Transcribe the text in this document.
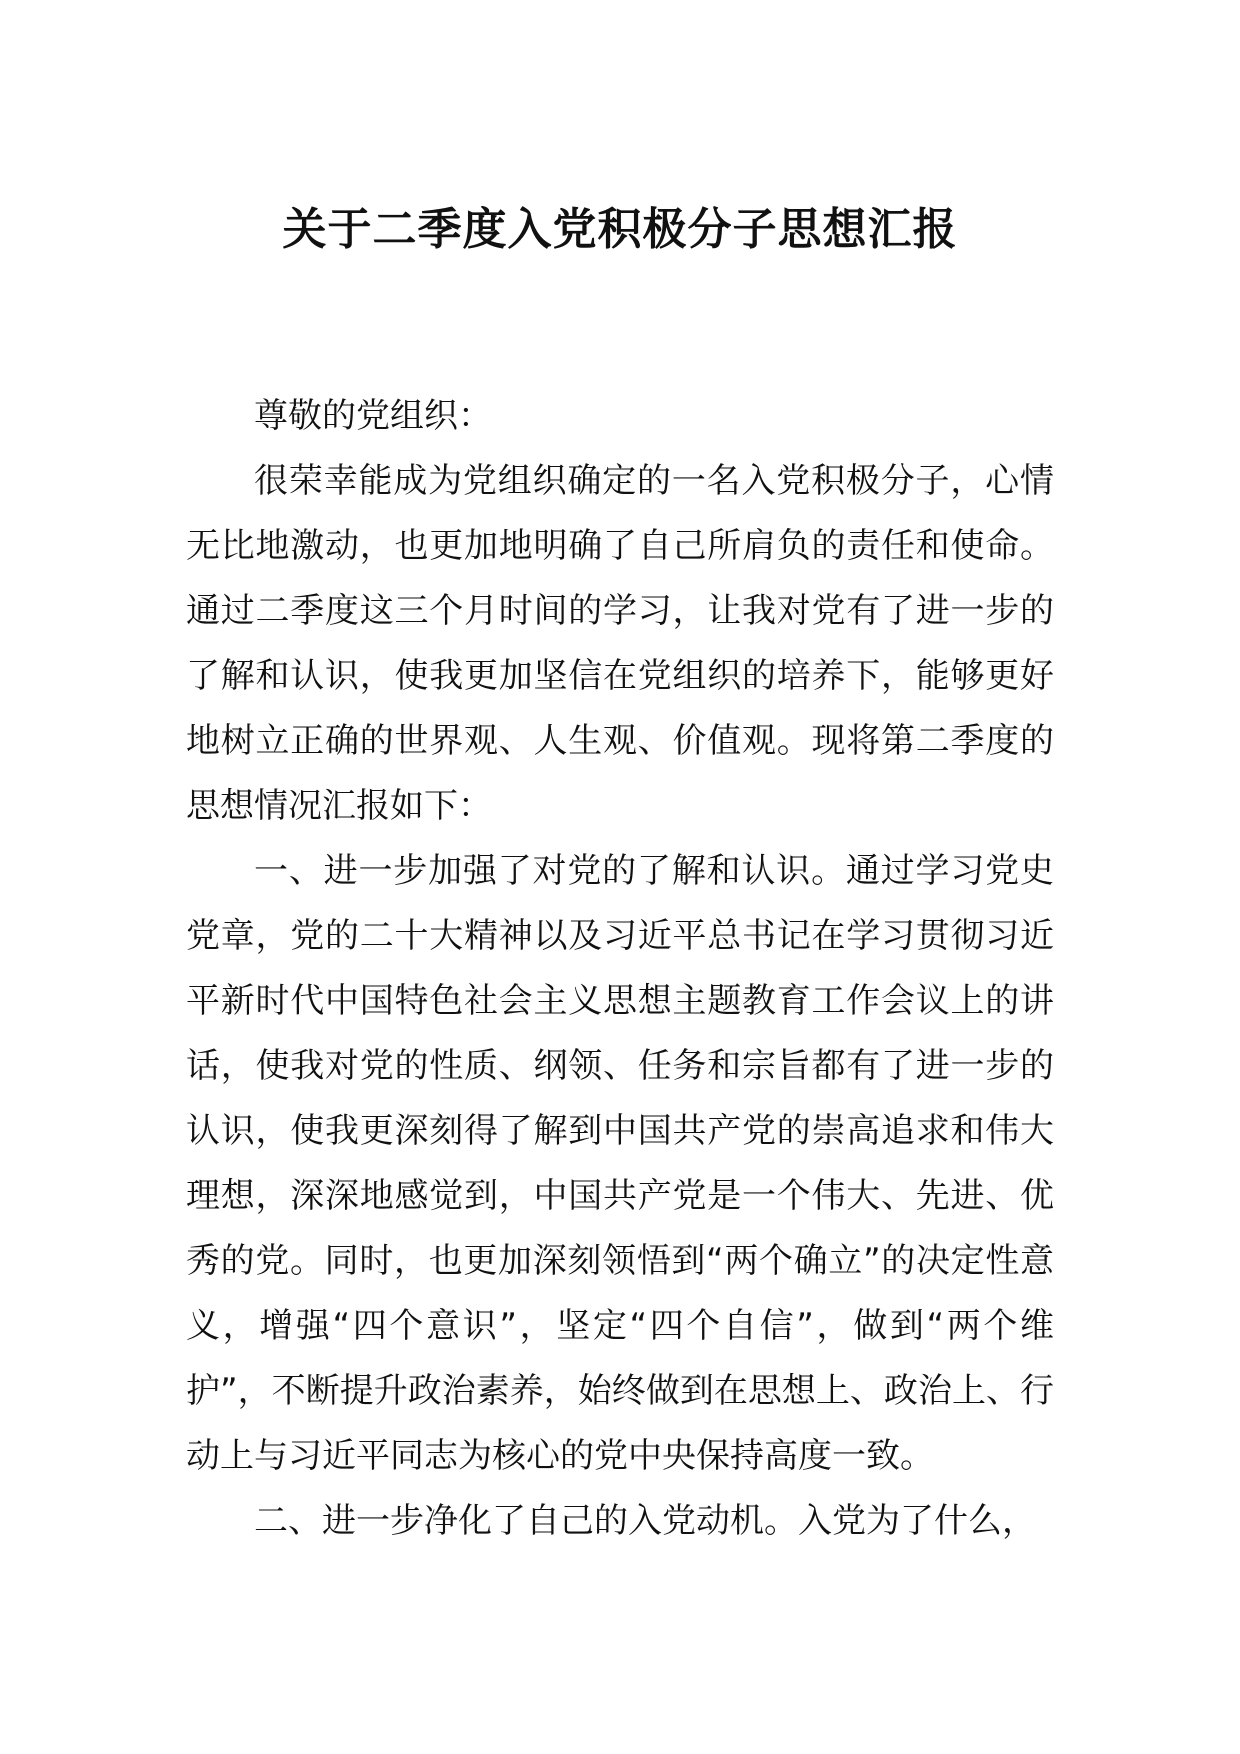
关于二季度入党积极分子思想汇报

尊敬的党组织：

很荣幸能成为党组织确定的一名入党积极分子，心情无比地激动，也更加地明确了自己所肩负的责任和使命。通过二季度这三个月时间的学习，让我对党有了进一步的了解和认识，使我更加坚信在党组织的培养下，能够更好地树立正确的世界观、人生观、价值观。现将第二季度的思想情况汇报如下：

一、进一步加强了对党的了解和认识。通过学习党史党章，党的二十大精神以及习近平总书记在学习贯彻习近平新时代中国特色社会主义思想主题教育工作会议上的讲话，使我对党的性质、纲领、任务和宗旨都有了进一步的认识，使我更深刻得了解到中国共产党的崇高追求和伟大理想，深深地感觉到，中国共产党是一个伟大、先进、优秀的党。同时，也更加深刻领悟到“两个确立”的决定性意义，增强“四个意识”，坚定“四个自信”，做到“两个维护”，不断提升政治素养，始终做到在思想上、政治上、行动上与习近平同志为核心的党中央保持高度一致。

二、进一步净化了自己的入党动机。入党为了什么，
